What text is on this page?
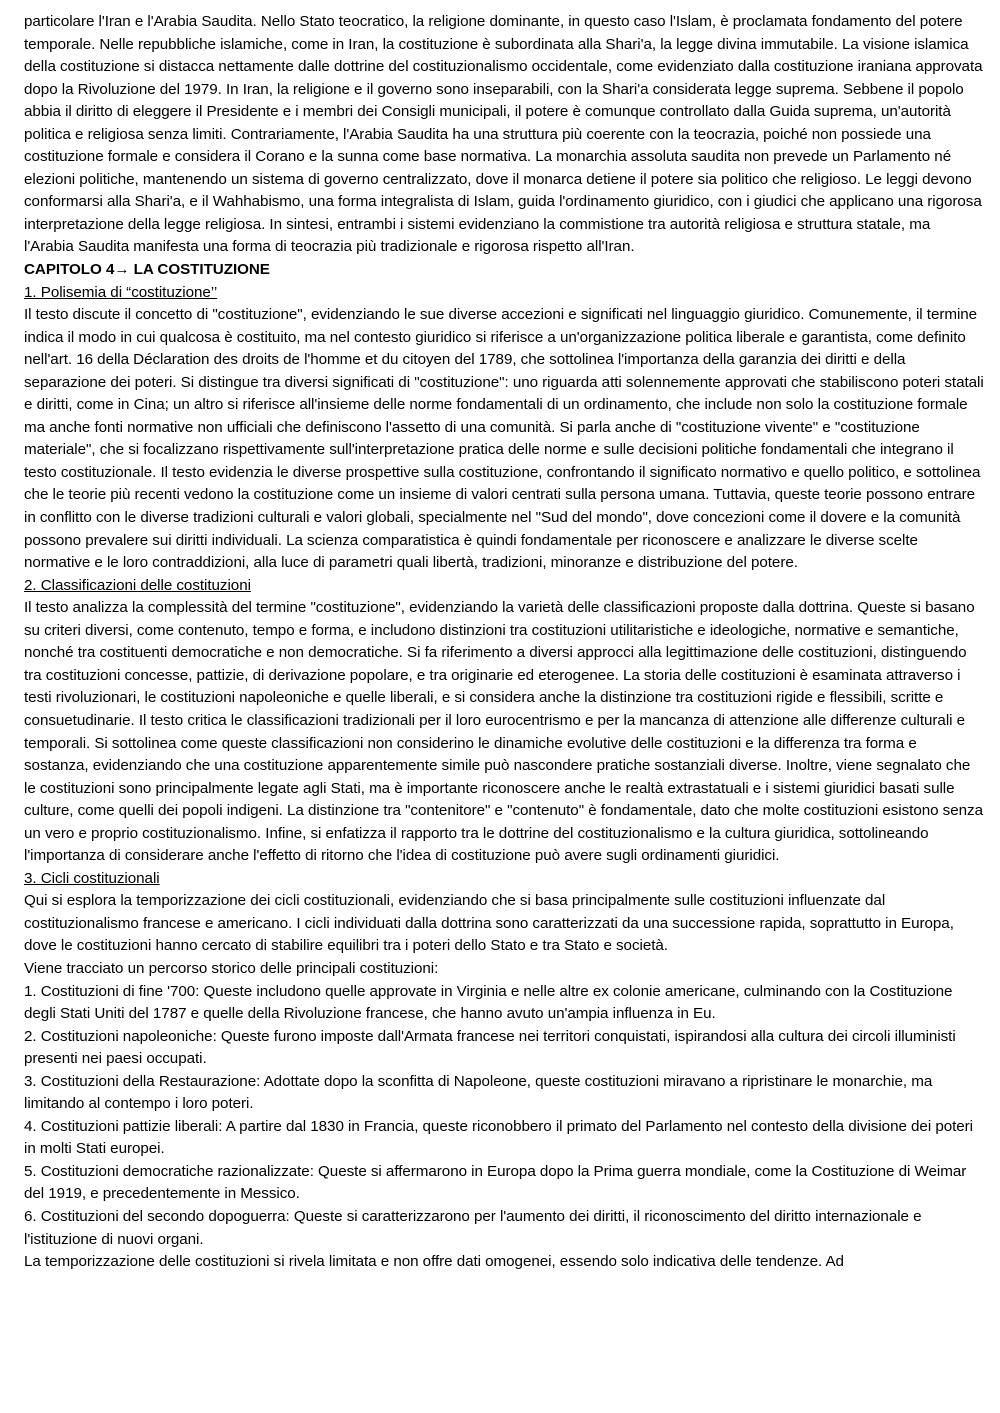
particolare l'Iran e l'Arabia Saudita. Nello Stato teocratico, la religione dominante, in questo caso l'Islam, è proclamata fondamento del potere temporale. Nelle repubbliche islamiche, come in Iran, la costituzione è subordinata alla Shari'a, la legge divina immutabile. La visione islamica della costituzione si distacca nettamente dalle dottrine del costituzionalismo occidentale, come evidenziato dalla costituzione iraniana approvata dopo la Rivoluzione del 1979. In Iran, la religione e il governo sono inseparabili, con la Shari'a considerata legge suprema. Sebbene il popolo abbia il diritto di eleggere il Presidente e i membri dei Consigli municipali, il potere è comunque controllato dalla Guida suprema, un'autorità politica e religiosa senza limiti. Contrariamente, l'Arabia Saudita ha una struttura più coerente con la teocrazia, poiché non possiede una costituzione formale e considera il Corano e la sunna come base normativa. La monarchia assoluta saudita non prevede un Parlamento né elezioni politiche, mantenendo un sistema di governo centralizzato, dove il monarca detiene il potere sia politico che religioso. Le leggi devono conformarsi alla Shari'a, e il Wahhabismo, una forma integralista di Islam, guida l'ordinamento giuridico, con i giudici che applicano una rigorosa interpretazione della legge religiosa. In sintesi, entrambi i sistemi evidenziano la commistione tra autorità religiosa e struttura statale, ma l'Arabia Saudita manifesta una forma di teocrazia più tradizionale e rigorosa rispetto all'Iran.

CAPITOLO 4→ LA COSTITUZIONE

1. Polisemia di “costituzione’’

Il testo discute il concetto di "costituzione", evidenziando le sue diverse accezioni e significati nel linguaggio giuridico. Comunemente, il termine indica il modo in cui qualcosa è costituito, ma nel contesto giuridico si riferisce a un'organizzazione politica liberale e garantista, come definito nell'art. 16 della Déclaration des droits de l'homme et du citoyen del 1789, che sottolinea l'importanza della garanzia dei diritti e della separazione dei poteri. Si distingue tra diversi significati di "costituzione": uno riguarda atti solennemente approvati che stabiliscono poteri statali e diritti, come in Cina; un altro si riferisce all'insieme delle norme fondamentali di un ordinamento, che include non solo la costituzione formale ma anche fonti normative non ufficiali che definiscono l'assetto di una comunità. Si parla anche di "costituzione vivente" e "costituzione materiale", che si focalizzano rispettivamente sull'interpretazione pratica delle norme e sulle decisioni politiche fondamentali che integrano il testo costituzionale. Il testo evidenzia le diverse prospettive sulla costituzione, confrontando il significato normativo e quello politico, e sottolinea che le teorie più recenti vedono la costituzione come un insieme di valori centrati sulla persona umana. Tuttavia, queste teorie possono entrare in conflitto con le diverse tradizioni culturali e valori globali, specialmente nel "Sud del mondo", dove concezioni come il dovere e la comunità possono prevalere sui diritti individuali. La scienza comparatistica è quindi fondamentale per riconoscere e analizzare le diverse scelte normative e le loro contraddizioni, alla luce di parametri quali libertà, tradizioni, minoranze e distribuzione del potere.

2. Classificazioni delle costituzioni

Il testo analizza la complessità del termine "costituzione", evidenziando la varietà delle classificazioni proposte dalla dottrina. Queste si basano su criteri diversi, come contenuto, tempo e forma, e includono distinzioni tra costituzioni utilitaristiche e ideologiche, normative e semantiche, nonché tra costituenti democratiche e non democratiche. Si fa riferimento a diversi approcci alla legittimazione delle costituzioni, distinguendo tra costituzioni concesse, pattizie, di derivazione popolare, e tra originarie ed eterogenee. La storia delle costituzioni è esaminata attraverso i testi rivoluzionari, le costituzioni napoleoniche e quelle liberali, e si considera anche la distinzione tra costituzioni rigide e flessibili, scritte e consuetudinarie. Il testo critica le classificazioni tradizionali per il loro eurocentrismo e per la mancanza di attenzione alle differenze culturali e temporali. Si sottolinea come queste classificazioni non considerino le dinamiche evolutive delle costituzioni e la differenza tra forma e sostanza, evidenziando che una costituzione apparentemente simile può nascondere pratiche sostanziali diverse. Inoltre, viene segnalato che le costituzioni sono principalmente legate agli Stati, ma è importante riconoscere anche le realtà extrastatuali e i sistemi giuridici basati sulle culture, come quelli dei popoli indigeni. La distinzione tra "contenitore" e "contenuto" è fondamentale, dato che molte costituzioni esistono senza un vero e proprio costituzionalismo. Infine, si enfatizza il rapporto tra le dottrine del costituzionalismo e la cultura giuridica, sottolineando l'importanza di considerare anche l'effetto di ritorno che l'idea di costituzione può avere sugli ordinamenti giuridici.

3. Cicli costituzionali

Qui si esplora la temporizzazione dei cicli costituzionali, evidenziando che si basa principalmente sulle costituzioni influenzate dal costituzionalismo francese e americano. I cicli individuati dalla dottrina sono caratterizzati da una successione rapida, soprattutto in Europa, dove le costituzioni hanno cercato di stabilire equilibri tra i poteri dello Stato e tra Stato e società.

Viene tracciato un percorso storico delle principali costituzioni:

1. Costituzioni di fine '700: Queste includono quelle approvate in Virginia e nelle altre ex colonie americane, culminando con la Costituzione degli Stati Uniti del 1787 e quelle della Rivoluzione francese, che hanno avuto un'ampia influenza in Eu.

2. Costituzioni napoleoniche: Queste furono imposte dall'Armata francese nei territori conquistati, ispirandosi alla cultura dei circoli illuministi presenti nei paesi occupati.

3. Costituzioni della Restaurazione: Adottate dopo la sconfitta di Napoleone, queste costituzioni miravano a ripristinare le monarchie, ma limitando al contempo i loro poteri.

4. Costituzioni pattizie liberali: A partire dal 1830 in Francia, queste riconobbero il primato del Parlamento nel contesto della divisione dei poteri in molti Stati europei.

5. Costituzioni democratiche razionalizzate: Queste si affermarono in Europa dopo la Prima guerra mondiale, come la Costituzione di Weimar del 1919, e precedentemente in Messico.

6. Costituzioni del secondo dopoguerra: Queste si caratterizzarono per l'aumento dei diritti, il riconoscimento del diritto internazionale e l'istituzione di nuovi organi.

La temporizzazione delle costituzioni si rivela limitata e non offre dati omogenei, essendo solo indicativa delle tendenze. Ad
